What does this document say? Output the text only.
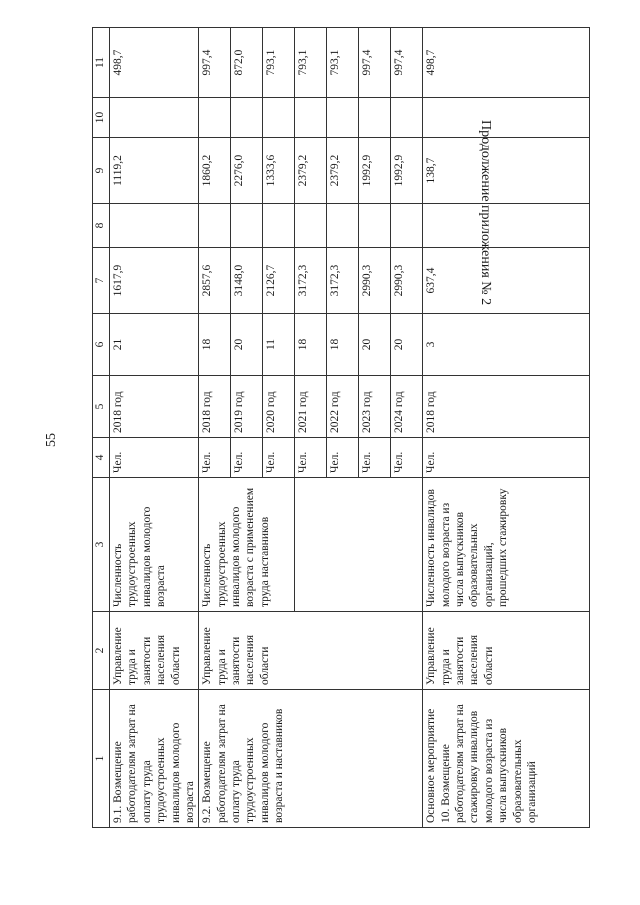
55
Продолжение приложения № 2
1	2	3	4	5	6	7	8	9	10	11
9.1. Возмещение работодателям затрат на оплату труда трудоустроенных инвалидов молодого возраста	Управление труда и занятости населения области	Численность трудоустроенных инвалидов молодого возраста	Чел.	2018 год	21	1617,9		1119,2		498,7
9.2. Возмещение работодателям затрат на оплату труда трудоустроенных инвалидов молодого возраста и наставников	Управление труда и занятости населения области	Численность трудоустроенных инвалидов молодого возраста с применением труда наставников	Чел.	2018 год	18	2857,6		1860,2		997,4
			Чел.	2019 год	20	3148,0		2276,0		872,0
			Чел.	2020 год	11	2126,7		1333,6		793,1
			Чел.	2021 год	18	3172,3		2379,2		793,1
			Чел.	2022 год	18	3172,3		2379,2		793,1
			Чел.	2023 год	20	2990,3		1992,9		997,4
			Чел.	2024 год	20	2990,3		1992,9		997,4
Основное мероприятие 10. Возмещение работодателям затрат на стажировку инвалидов молодого возраста из числа выпускников образовательных организаций	Управление труда и занятости населения области	Численность инвалидов молодого возраста из числа выпускников образовательных организаций, прошедших стажировку	Чел.	2018 год	3	637,4		138,7		498,7
